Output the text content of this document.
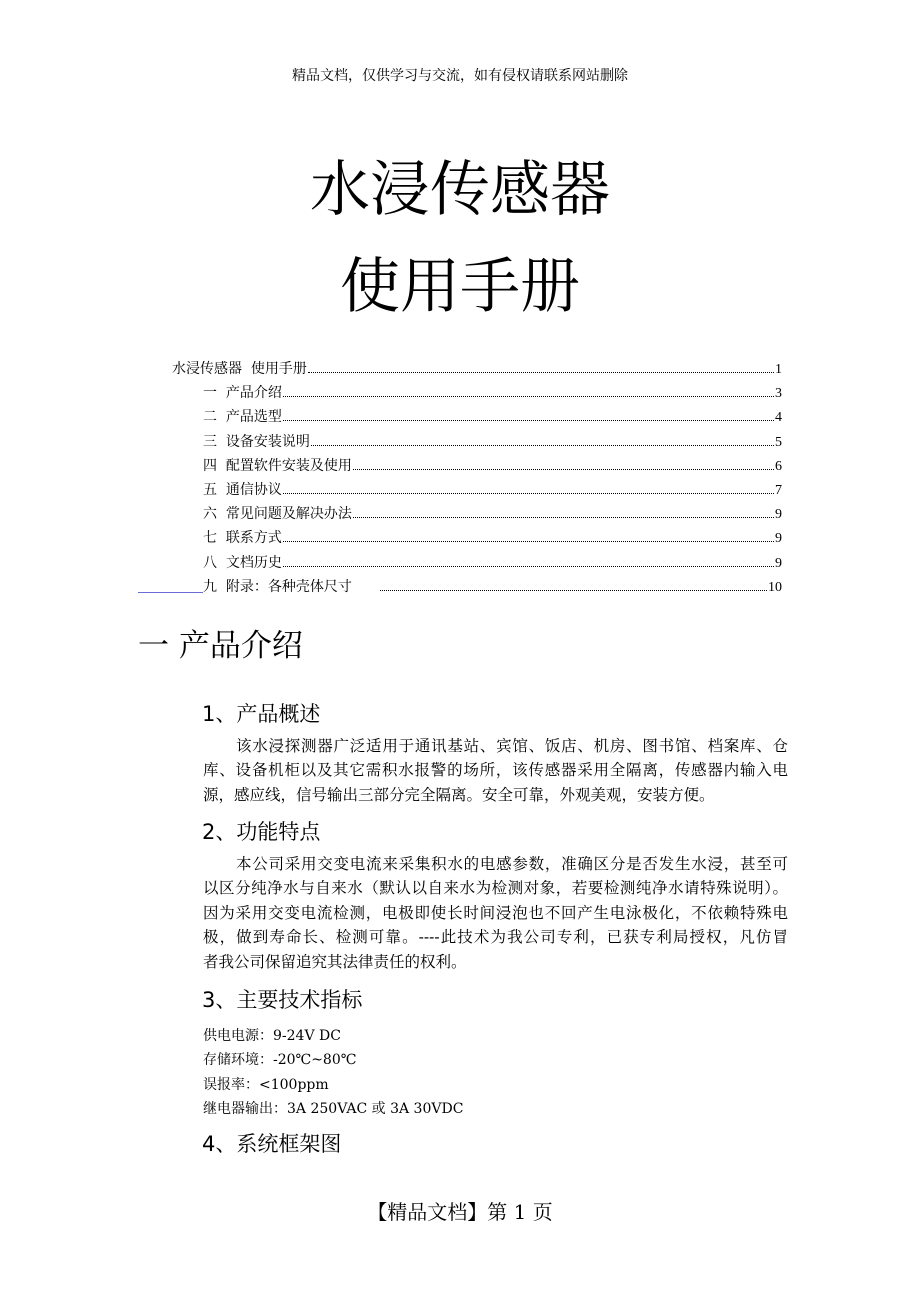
精品文档，仅供学习与交流，如有侵权请联系网站删除
水浸传感器
使用手册
水浸传感器  使用手册	1
一  产品介绍	3
二  产品选型	4
三  设备安装说明	5
四  配置软件安装及使用	6
五  通信协议	7
六  常见问题及解决办法	9
七  联系方式	9
八  文档历史	9
九  附录：各种壳体尺寸	10
一 产品介绍
1、产品概述
该水浸探测器广泛适用于通讯基站、宾馆、饭店、机房、图书馆、档案库、仓
库、设备机柜以及其它需积水报警的场所，该传感器采用全隔离，传感器内输入电
源，感应线，信号输出三部分完全隔离。安全可靠，外观美观，安装方便。
2、功能特点
本公司采用交变电流来采集积水的电感参数，准确区分是否发生水浸，甚至可
以区分纯净水与自来水（默认以自来水为检测对象，若要检测纯净水请特殊说明）。
因为采用交变电流检测，电极即使长时间浸泡也不回产生电泳极化，不依赖特殊电
极，做到寿命长、检测可靠。----此技术为我公司专利，已获专利局授权，凡仿冒
者我公司保留追究其法律责任的权利。
3、主要技术指标
供电电源：9-24V DC
存储环境：-20℃~80℃
误报率：<100ppm
继电器输出：3A 250VAC 或 3A 30VDC
4、系统框架图
【精品文档】第 1 页
